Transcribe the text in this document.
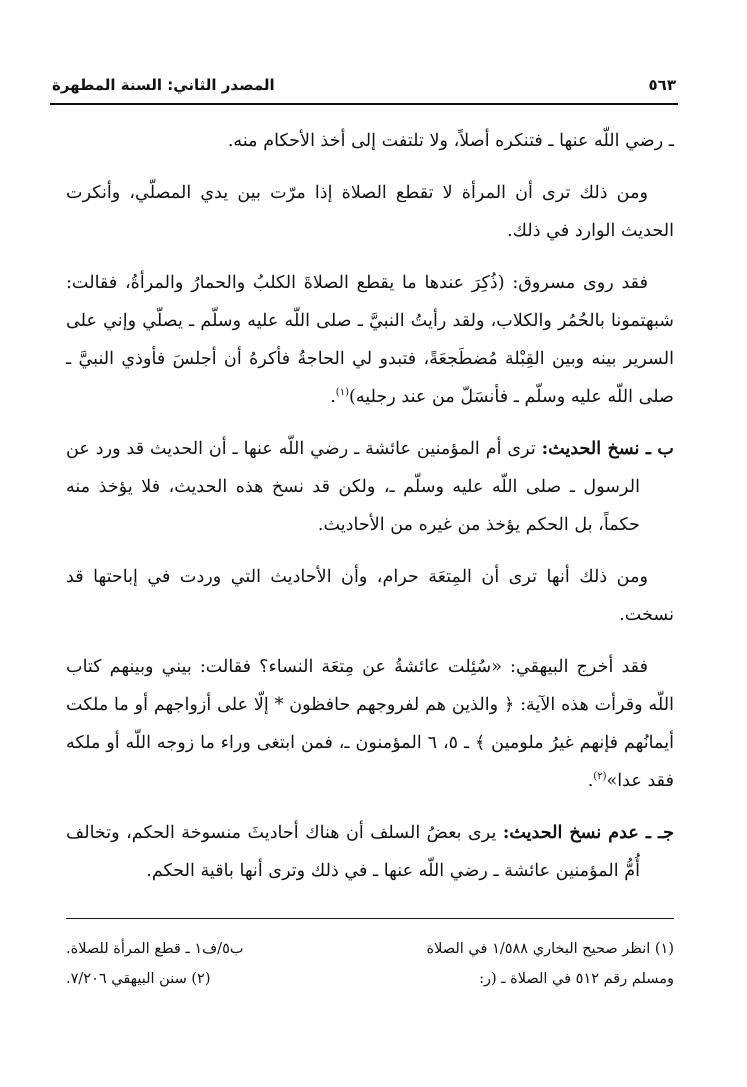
٥٦٣
المصدر الثاني: السنة المطهرة

ـ رضي اللّه عنها ـ فتنكره أصلاً، ولا تلتفت إلى أخذ الأحكام منه.

ومن ذلك ترى أن المرأة لا تقطع الصلاة إذا مرّت بين يدي المصلّي، وأنكرت الحديث الوارد في ذلك.

فقد روى مسروق: (ذُكِرَ عندها ما يقطع الصلاةَ الكلبُ والحمارُ والمرأةُ، فقالت: شبهتمونا بالحُمُر والكلاب، ولقد رأيتُ النبيَّ ـ صلى اللّه عليه وسلّم ـ يصلّي وإني على السرير بينه وبين القِبْلة مُضطَجعَةً، فتبدو لي الحاجةُ فأكرهُ أن أجلسَ فأوذي النبيَّ ـ صلى اللّه عليه وسلّم ـ فأنسَلّ من عند رجليه)$^{(١)}$.

ب ـ نسخ الحديث: ترى أم المؤمنين عائشة ـ رضي اللّه عنها ـ أن الحديث قد ورد عن الرسول ـ صلى اللّه عليه وسلّم ـ، ولكن قد نسخ هذه الحديث، فلا يؤخذ منه حكماً، بل الحكم يؤخذ من غيره من الأحاديث.

ومن ذلك أنها ترى أن المِتعَة حرام، وأن الأحاديث التي وردت في إباحتها قد نسخت.

فقد أخرج البيهقي: «سُئِلت عائشةُ عن مِتعَة النساء؟ فقالت: بيني وبينهم كتاب اللّه وقرأت هذه الآية: ﴿ والذين هم لفروجهم حافظون * إلّا على أزواجهم أو ما ملكت أيمانُهم فإنهم غيرُ ملومين ﴾ ـ ٥، ٦ المؤمنون ـ، فمن ابتغى وراء ما زوجه اللّه أو ملكه فقد عدا»$^{(٢)}$.

جـ ـ عدم نسخ الحديث: يرى بعضُ السلف أن هناك أحاديثَ منسوخة الحكم، وتخالف أُمُّ المؤمنين عائشة ـ رضي اللّه عنها ـ في ذلك وترى أنها باقية الحكم.

(١) انظر صحيح البخاري ١/٥٨٨ في الصلاة
ب٥/ف١ ـ قطع المرأة للصلاة.
ومسلم رقم ٥١٢ في الصلاة ـ (ر:
(٢) سنن البيهقي ٧/٢٠٦.
